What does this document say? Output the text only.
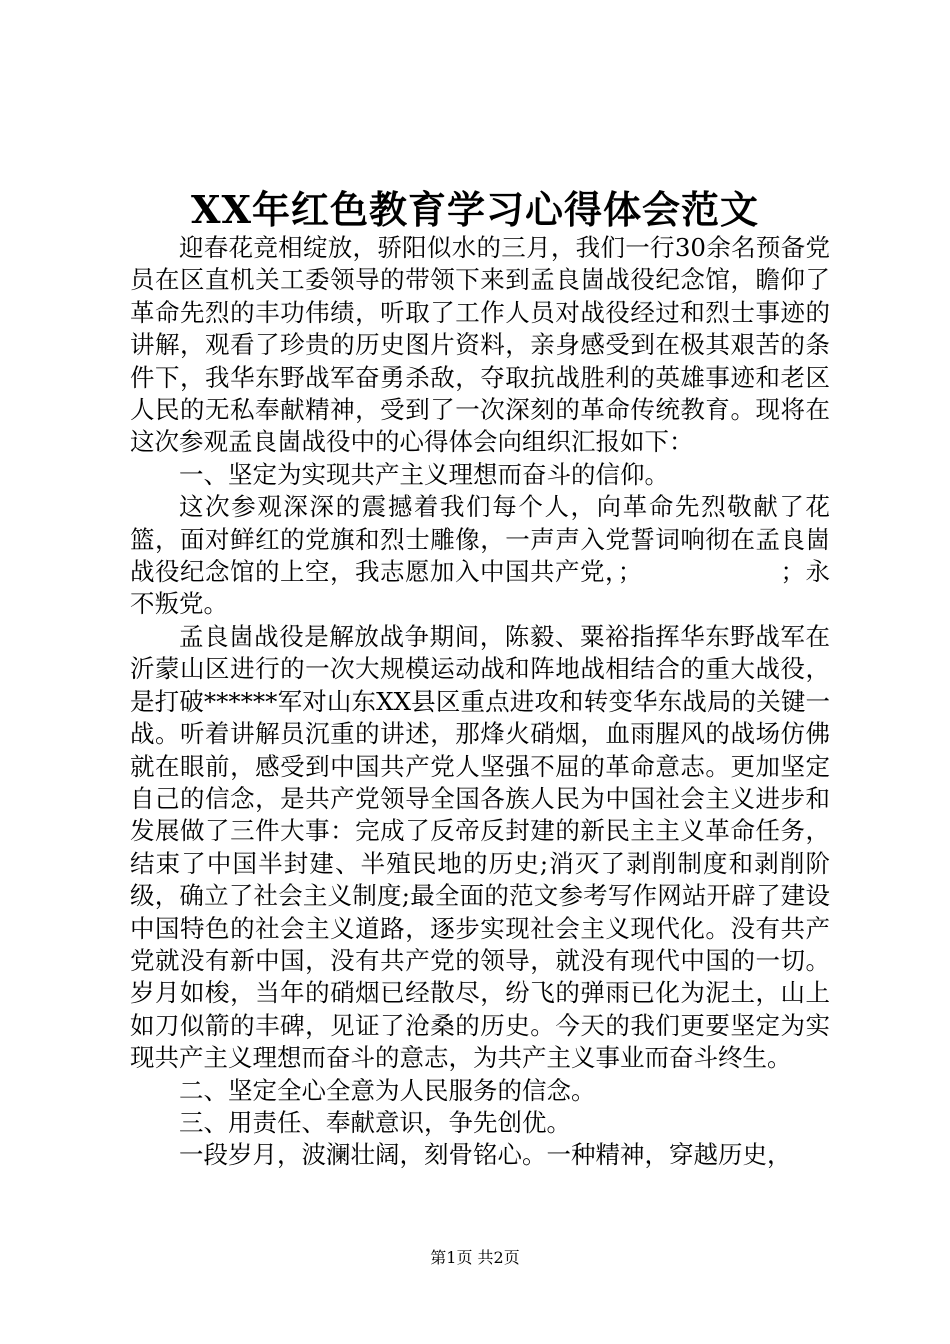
XX年红色教育学习心得体会范文

迎春花竞相绽放，骄阳似水的三月，我们一行30余名预备党员在区直机关工委领导的带领下来到孟良崮战役纪念馆，瞻仰了革命先烈的丰功伟绩，听取了工作人员对战役经过和烈士事迹的讲解，观看了珍贵的历史图片资料，亲身感受到在极其艰苦的条件下，我华东野战军奋勇杀敌，夺取抗战胜利的英雄事迹和老区人民的无私奉献精神，受到了一次深刻的革命传统教育。现将在这次参观孟良崮战役中的心得体会向组织汇报如下：

一、坚定为实现共产主义理想而奋斗的信仰。

这次参观深深的震撼着我们每个人，向革命先烈敬献了花篮，面对鲜红的党旗和烈士雕像，一声声入党誓词响彻在孟良崮战役纪念馆的上空，我志愿加入中国共产党，；　　　　　　；永不叛党。

孟良崮战役是解放战争期间，陈毅、粟裕指挥华东野战军在沂蒙山区进行的一次大规模运动战和阵地战相结合的重大战役，是打破******军对山东XX县区重点进攻和转变华东战局的关键一战。听着讲解员沉重的讲述，那烽火硝烟，血雨腥风的战场仿佛就在眼前，感受到中国共产党人坚强不屈的革命意志。更加坚定自己的信念，是共产党领导全国各族人民为中国社会主义进步和发展做了三件大事：完成了反帝反封建的新民主主义革命任务，结束了中国半封建、半殖民地的历史;消灭了剥削制度和剥削阶级，确立了社会主义制度;最全面的范文参考写作网站开辟了建设中国特色的社会主义道路，逐步实现社会主义现代化。没有共产党就没有新中国，没有共产党的领导，就没有现代中国的一切。岁月如梭，当年的硝烟已经散尽，纷飞的弹雨已化为泥土，山上如刀似箭的丰碑，见证了沧桑的历史。今天的我们更要坚定为实现共产主义理想而奋斗的意志，为共产主义事业而奋斗终生。

二、坚定全心全意为人民服务的信念。

三、用责任、奉献意识，争先创优。

一段岁月，波澜壮阔，刻骨铭心。一种精神，穿越历史，

第1页 共2页
